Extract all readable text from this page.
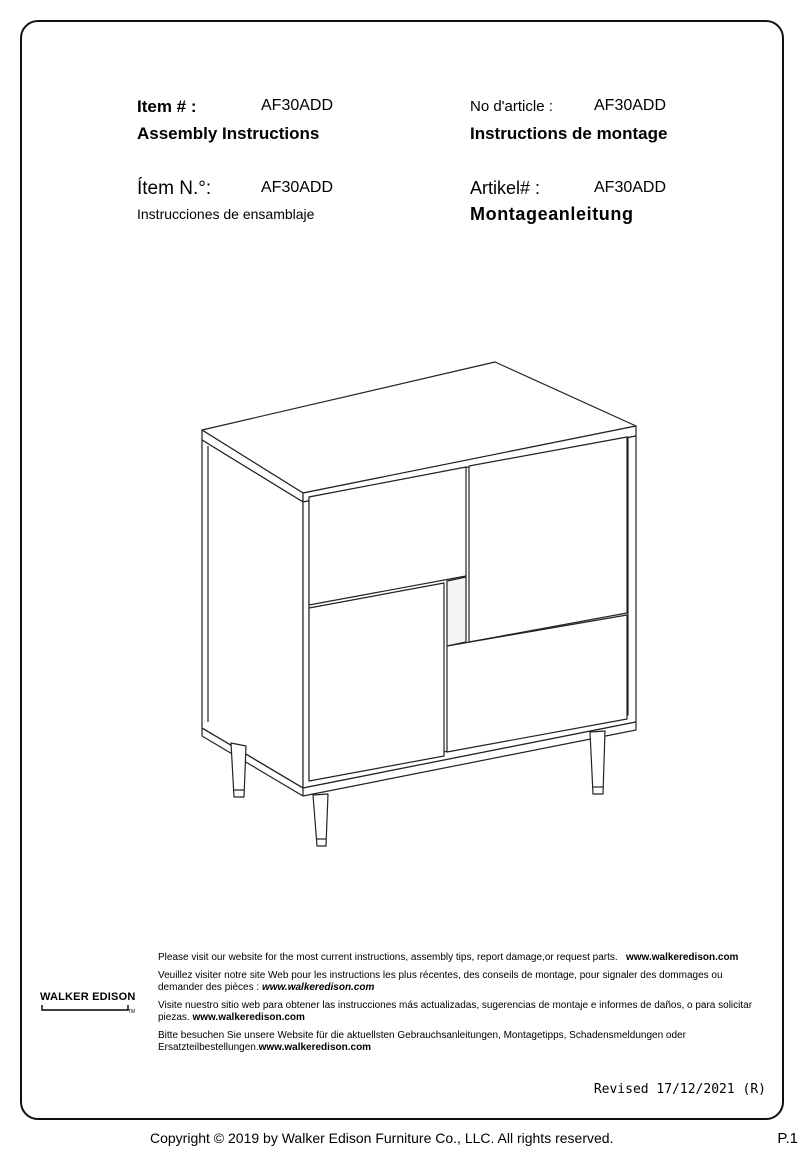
Item # :	AF30ADD
Assembly Instructions
No d'article :	AF30ADD
Instructions de montage
Ítem N.°:	AF30ADD
Instrucciones de ensamblaje
Artikel# :	AF30ADD
Montageanleitung
WALKER EDISON
TM

Please visit our website for the most current instructions, assembly tips, report damage,or request parts. www.walkeredison.com

Veuillez visiter notre site Web pour les instructions les plus récentes, des conseils de montage, pour signaler des dommages ou demander des pièces : www.walkeredison.com

Visite nuestro sitio web para obtener las instrucciones más actualizadas, sugerencias de montaje e informes de daños, o para solicitar piezas. www.walkeredison.com

Bitte besuchen Sie unsere Website für die aktuellsten Gebrauchsanleitungen, Montagetipps, Schadensmeldungen oder Ersatzteilbestellungen.www.walkeredison.com

Revised 17/12/2021 (R)
Copyright © 2019 by Walker Edison Furniture Co., LLC. All rights reserved.	P.1
